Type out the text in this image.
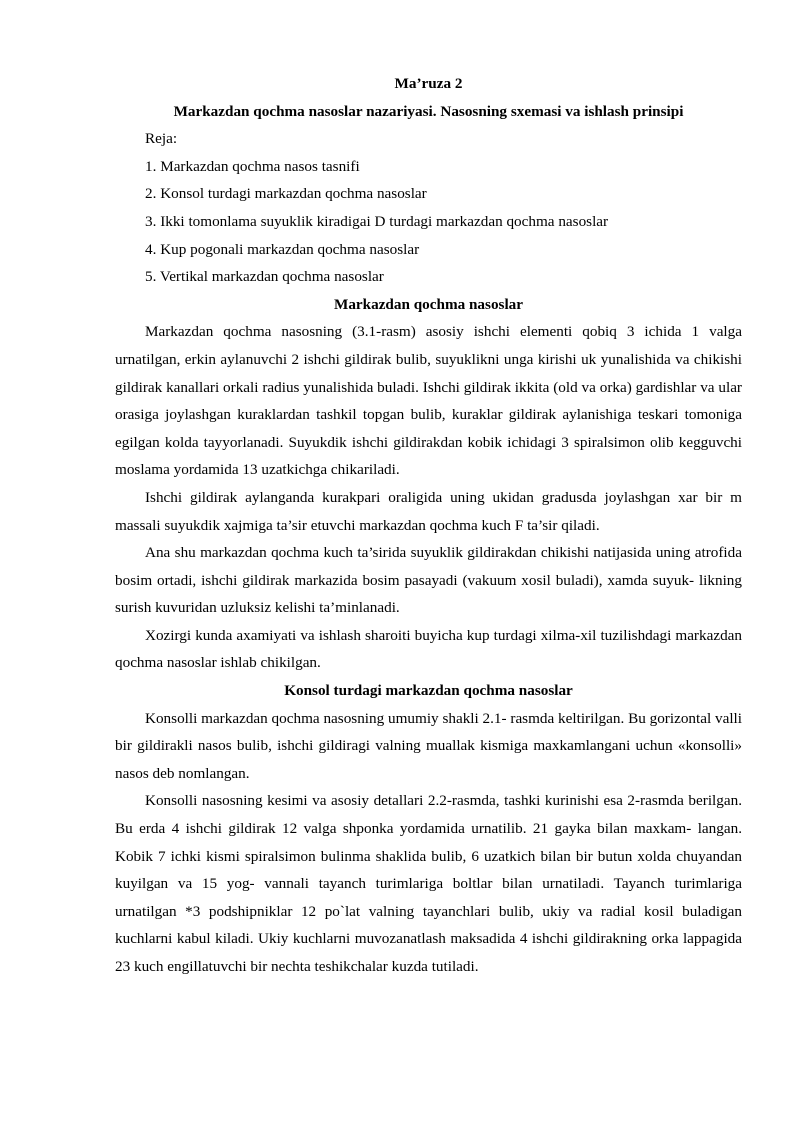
Ma’ruza 2

Markazdan qochma nasoslar nazariyasi. Nasosning sxemasi va ishlash prinsipi

Reja:

1. Markazdan qochma nasos tasnifi

2. Konsol turdagi markazdan qochma nasoslar

3. Ikki tomonlama suyuklik kiradigai D turdagi markazdan qochma nasoslar

4. Kup pogonali markazdan qochma nasoslar

5. Vertikal markazdan qochma nasoslar

Markazdan qochma nasoslar

Markazdan qochma nasosning (3.1-rasm) asosiy ishchi elementi qobiq 3 ichida 1 valga urnatilgan, erkin aylanuvchi 2 ishchi gildirak bulib, suyuklikni unga kirishi uk yunalishida va chikishi gildirak kanallari orkali radius yunalishida buladi. Ishchi gildirak ikkita (old va orka) gardishlar va ular orasiga joylashgan kuraklardan tashkil topgan bulib, kuraklar gildirak aylanishiga teskari tomoniga egilgan kolda tayyorlanadi. Suyukdik ishchi gildirakdan kobik ichidagi 3 spiralsimon olib kegguvchi moslama yordamida 13 uzatkichga chikariladi.

Ishchi gildirak aylanganda kurakpari oraligida uning ukidan gradusda joylashgan xar bir m massali suyukdik xajmiga ta’sir etuvchi markazdan qochma kuch F ta’sir qiladi.

Ana shu markazdan qochma kuch ta’sirida suyuklik gildirakdan chikishi natijasida uning atrofida bosim ortadi, ishchi gildirak markazida bosim pasayadi (vakuum xosil buladi), xamda suyuk- likning surish kuvuridan uzluksiz kelishi ta’minlanadi.

Xozirgi kunda axamiyati va ishlash sharoiti buyicha kup turdagi xilma-xil tuzilishdagi markazdan qochma nasoslar ishlab chikilgan.

Konsol turdagi markazdan qochma nasoslar

Konsolli markazdan qochma nasosning umumiy shakli 2.1- rasmda keltirilgan. Bu gorizontal valli bir gildirakli nasos bulib, ishchi gildiragi valning muallak kismiga maxkamlangani uchun «konsolli» nasos deb nomlangan.

Konsolli nasosning kesimi va asosiy detallari 2.2-rasmda, tashki kurinishi esa 2-rasmda berilgan. Bu erda 4 ishchi gildirak 12 valga shponka yordamida urnatilib. 21 gayka bilan maxkam- langan. Kobik 7 ichki kismi spiralsimon bulinma shaklida bulib, 6 uzatkich bilan bir butun xolda chuyandan kuyilgan va 15 yog- vannali tayanch turimlariga boltlar bilan urnatiladi. Tayanch turimlariga urnatilgan *3 podshipniklar 12 po`lat valning tayanchlari bulib, ukiy va radial kosil buladigan kuchlarni kabul kiladi. Ukiy kuchlarni muvozanatlash maksadida 4 ishchi gildirakning orka lappagida 23 kuch engillatuvchi bir nechta teshikchalar kuzda tutiladi.
